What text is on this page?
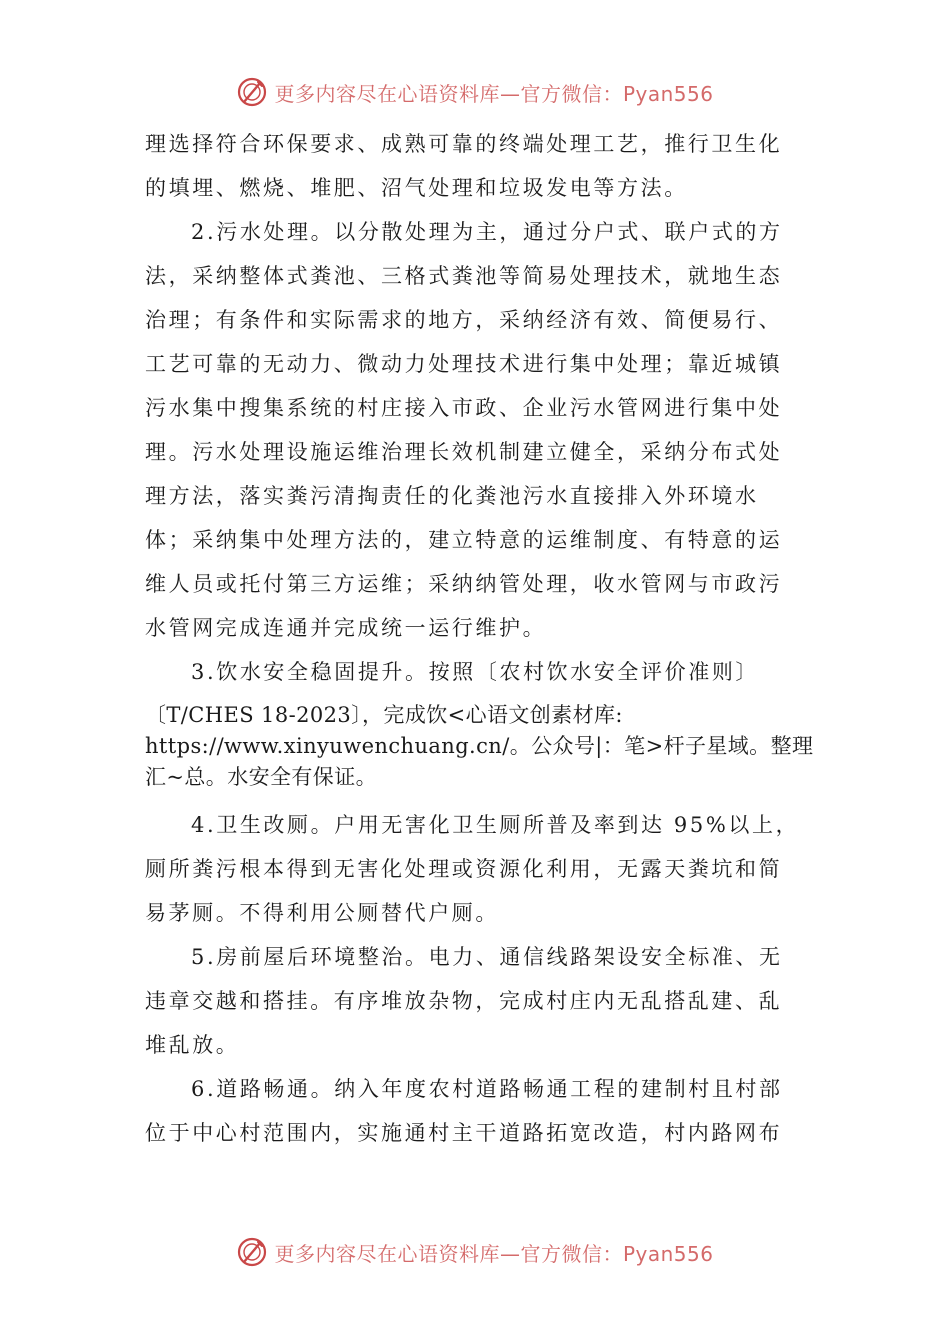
更多内容尽在心语资料库—官方微信：Pyan556
理选择符合环保要求、成熟可靠的终端处理工艺，推行卫生化
的填埋、燃烧、堆肥、沼气处理和垃圾发电等方法。
2.污水处理。以分散处理为主，通过分户式、联户式的方
法，采纳整体式粪池、三格式粪池等简易处理技术，就地生态
治理；有条件和实际需求的地方，采纳经济有效、简便易行、
工艺可靠的无动力、微动力处理技术进行集中处理；靠近城镇
污水集中搜集系统的村庄接入市政、企业污水管网进行集中处
理。污水处理设施运维治理长效机制建立健全，采纳分布式处
理方法，落实粪污清掏责任的化粪池污水直接排入外环境水
体；采纳集中处理方法的，建立特意的运维制度、有特意的运
维人员或托付第三方运维；采纳纳管处理，收水管网与市政污
水管网完成连通并完成统一运行维护。
3.饮水安全稳固提升。按照〔农村饮水安全评价准则〕
〔T/CHES 18-2023〕，完成饮<心语文创素材库:
https://www.xinyuwenchuang.cn/。公众号|：笔>杆子星域。整理
汇~总。水安全有保证。
4.卫生改厕。户用无害化卫生厕所普及率到达 95%以上，
厕所粪污根本得到无害化处理或资源化利用，无露天粪坑和简
易茅厕。不得利用公厕替代户厕。
5.房前屋后环境整治。电力、通信线路架设安全标准、无
违章交越和搭挂。有序堆放杂物，完成村庄内无乱搭乱建、乱
堆乱放。
6.道路畅通。纳入年度农村道路畅通工程的建制村且村部
位于中心村范围内，实施通村主干道路拓宽改造，村内路网布
更多内容尽在心语资料库—官方微信：Pyan556
